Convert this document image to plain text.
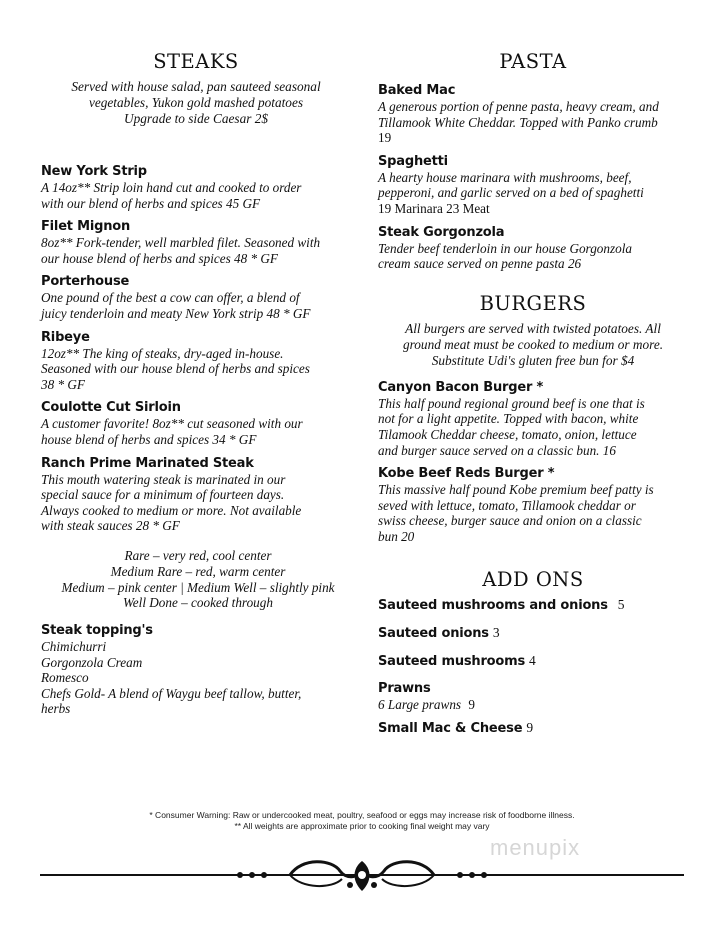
STEAKS
Served with house salad, pan sauteed seasonal
vegetables, Yukon gold mashed potatoes
Upgrade to side Caesar 2$
New York Strip
A 14oz** Strip loin hand cut and cooked to order
with our blend of herbs and spices 45 GF
Filet Mignon
8oz** Fork-tender, well marbled filet. Seasoned with
our house blend of herbs and spices 48 * GF
Porterhouse
One pound of the best a cow can offer, a blend of
juicy tenderloin and meaty New York strip 48 * GF
Ribeye
12oz** The king of steaks, dry-aged in-house.
Seasoned with our house blend of herbs and spices
38 * GF
Coulotte Cut Sirloin
A customer favorite! 8oz** cut seasoned with our
house blend of herbs and spices 34 * GF
Ranch Prime Marinated Steak
This mouth watering steak is marinated in our
special sauce for a minimum of fourteen days.
Always cooked to medium or more. Not available
with steak sauces 28 * GF
Rare – very red, cool center
Medium Rare – red, warm center
Medium – pink center | Medium Well – slightly pink
Well Done – cooked through
Steak topping's
Chimichurri
Gorgonzola Cream
Romesco
Chefs Gold- A blend of Waygu beef tallow, butter,
herbs
PASTA
Baked Mac
A generous portion of penne pasta, heavy cream, and
Tillamook White Cheddar. Topped with Panko crumb
19
Spaghetti
A hearty house marinara with mushrooms, beef,
pepperoni, and garlic served on a bed of spaghetti
19 Marinara 23 Meat
Steak Gorgonzola
Tender beef tenderloin in our house Gorgonzola
cream sauce served on penne pasta 26
BURGERS
All burgers are served with twisted potatoes. All
ground meat must be cooked to medium or more.
Substitute Udi's gluten free bun for $4
Canyon Bacon Burger *
This half pound regional ground beef is one that is
not for a light appetite. Topped with bacon, white
Tilamook Cheddar cheese, tomato, onion, lettuce
and burger sauce served on a classic bun. 16
Kobe Beef Reds Burger *
This massive half pound Kobe premium beef patty is
seved with lettuce, tomato, Tillamook cheddar or
swiss cheese, burger sauce and onion on a classic
bun 20
ADD ONS
Sauteed mushrooms and onions 5
Sauteed onions 3
Sauteed mushrooms 4
Prawns
6 Large prawns 9
Small Mac & Cheese 9
* Consumer Warning: Raw or undercooked meat, poultry, seafood or eggs may increase risk of foodborne illness.
** All weights are approximate prior to cooking final weight may vary
menupix
